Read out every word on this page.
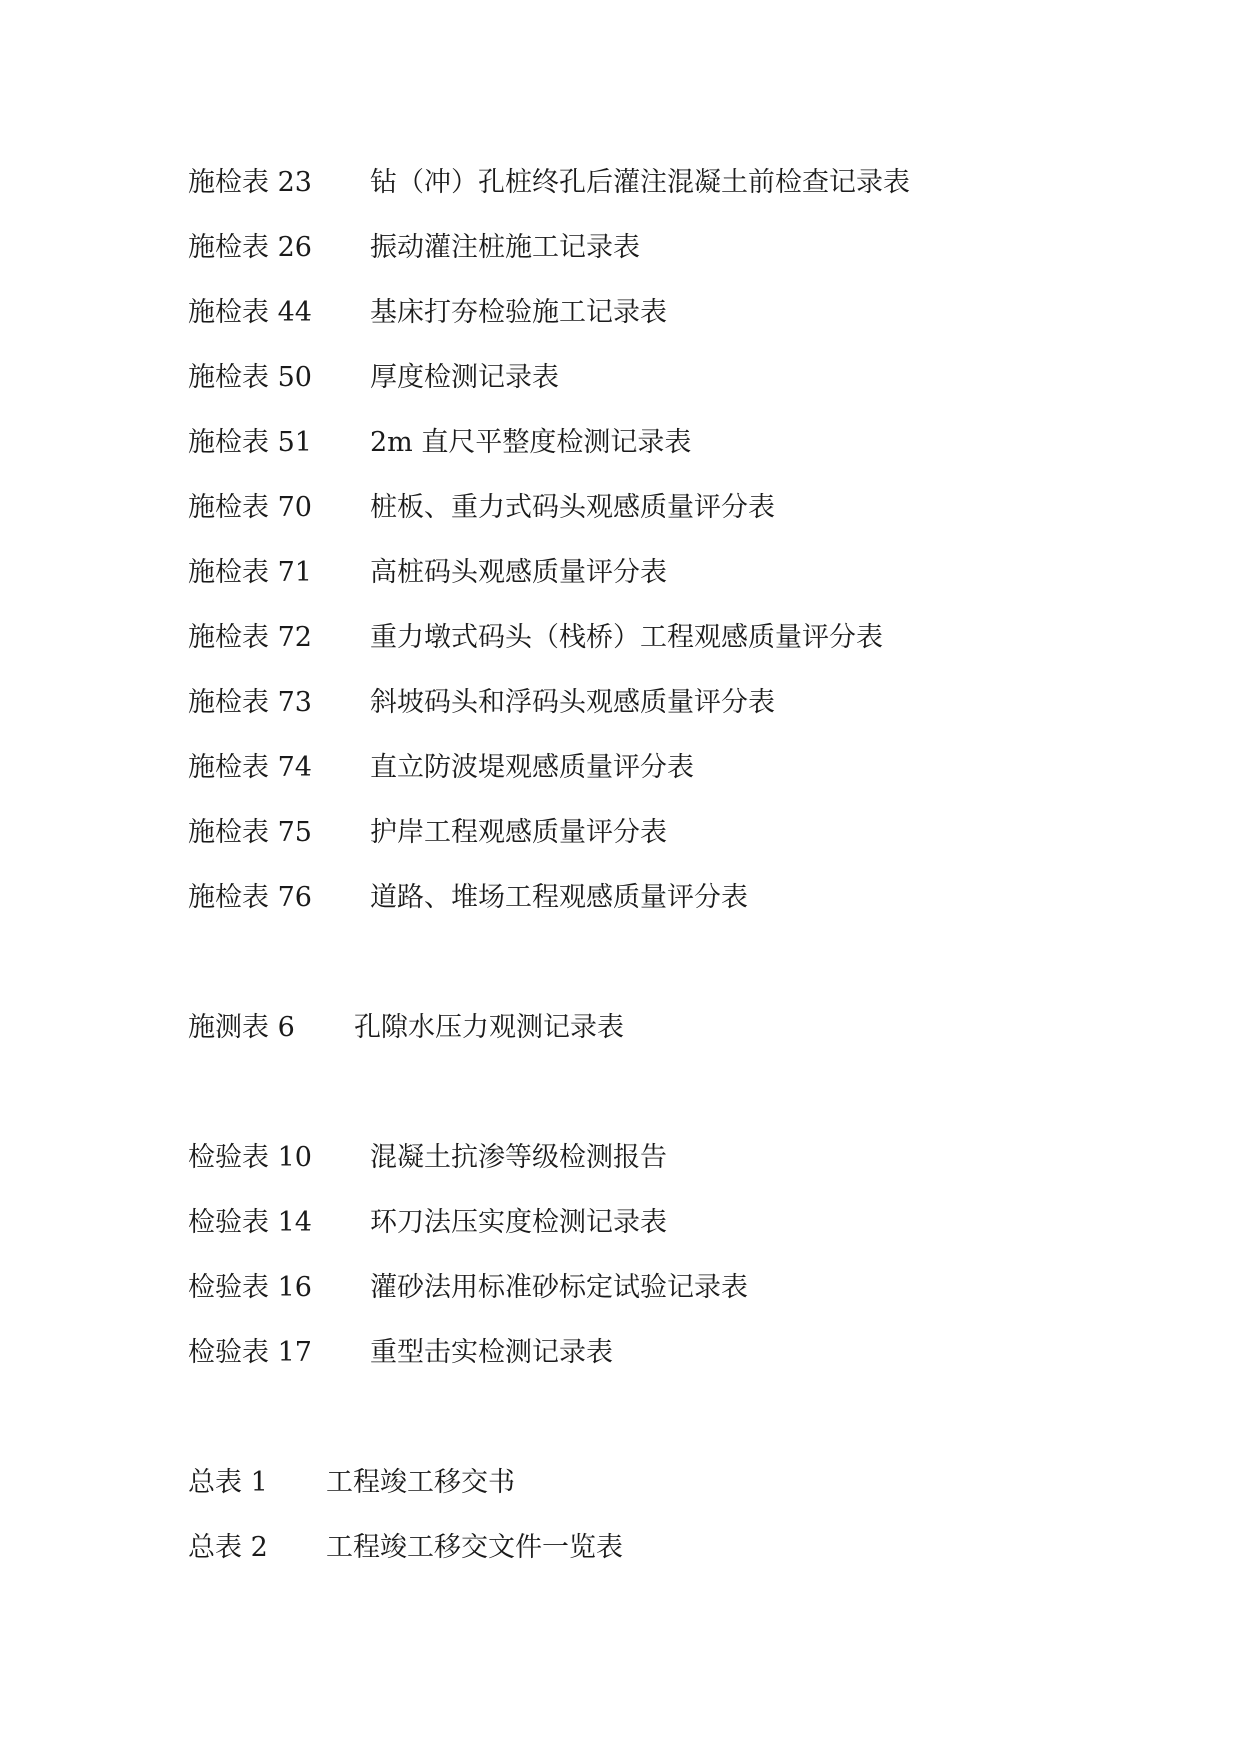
施检表 23 钻（冲）孔桩终孔后灌注混凝土前检查记录表
施检表 26 振动灌注桩施工记录表
施检表 44 基床打夯检验施工记录表
施检表 50 厚度检测记录表
施检表 51 2m 直尺平整度检测记录表
施检表 70 桩板、重力式码头观感质量评分表
施检表 71 高桩码头观感质量评分表
施检表 72 重力墩式码头（栈桥）工程观感质量评分表
施检表 73 斜坡码头和浮码头观感质量评分表
施检表 74 直立防波堤观感质量评分表
施检表 75 护岸工程观感质量评分表
施检表 76 道路、堆场工程观感质量评分表
施测表 6 孔隙水压力观测记录表
检验表 10 混凝土抗渗等级检测报告
检验表 14 环刀法压实度检测记录表
检验表 16 灌砂法用标准砂标定试验记录表
检验表 17 重型击实检测记录表
总表 1 工程竣工移交书
总表 2 工程竣工移交文件一览表
